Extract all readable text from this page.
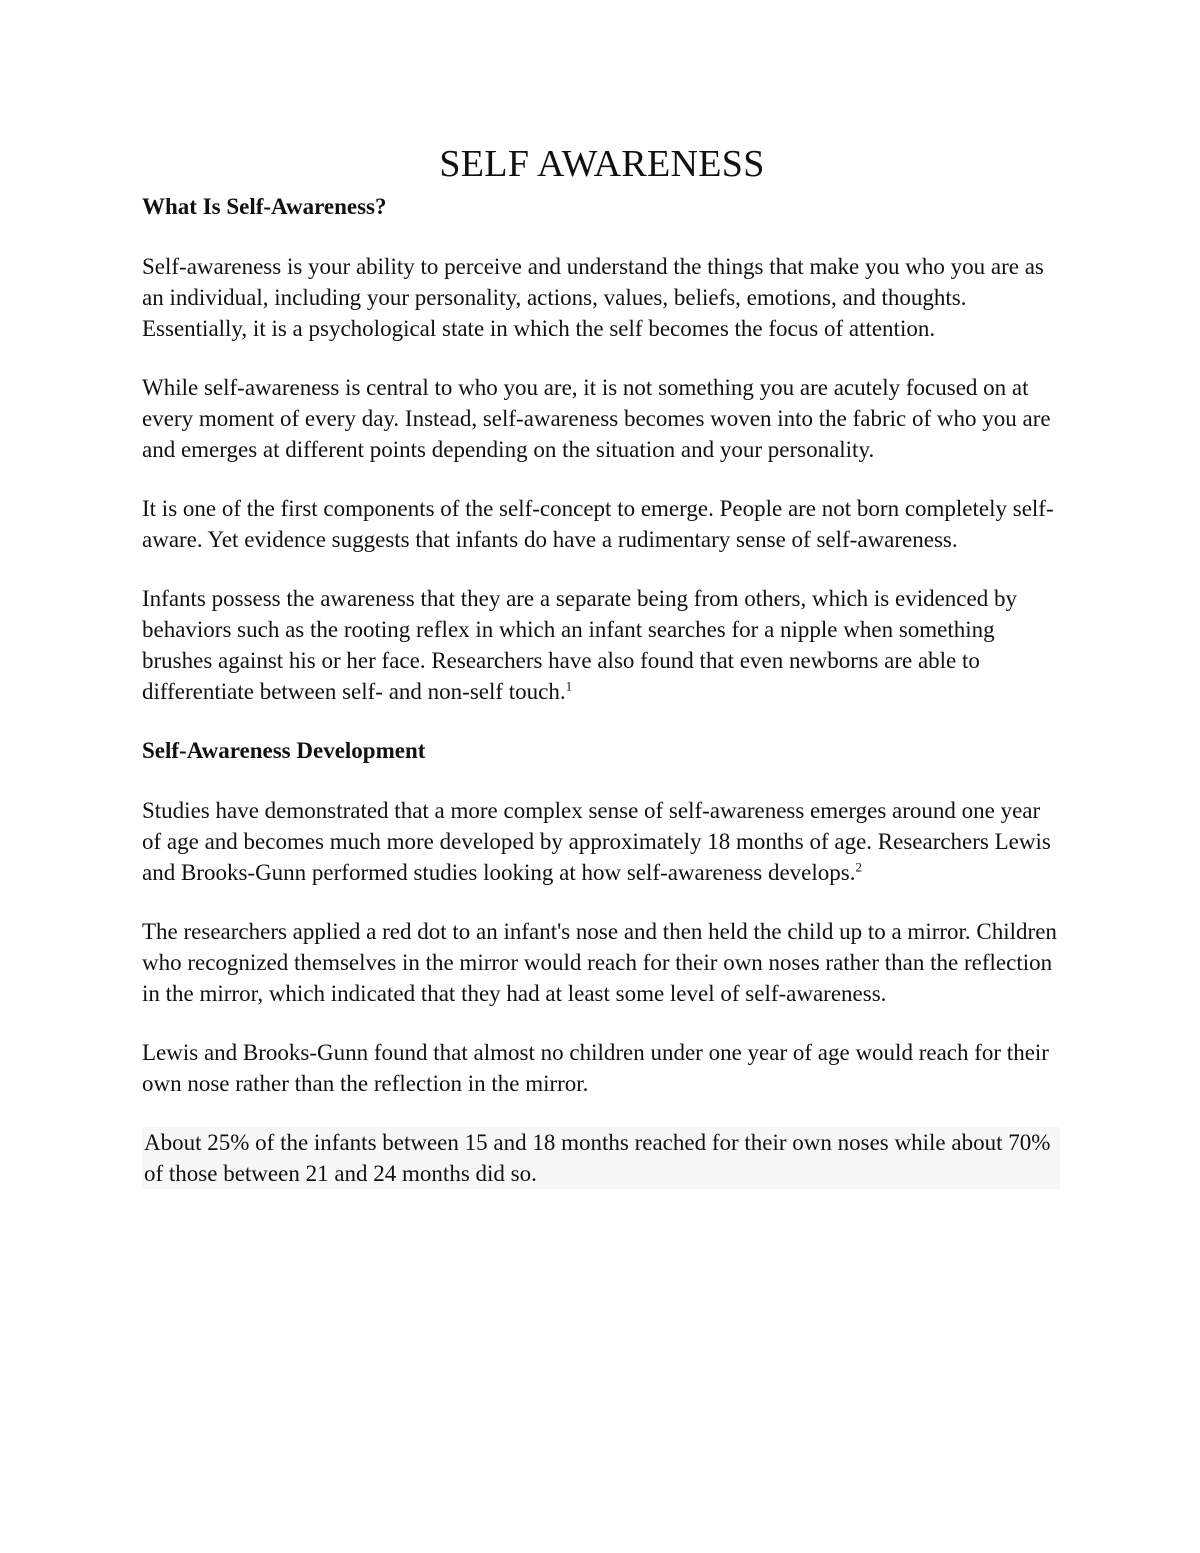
SELF AWARENESS
What Is Self-Awareness?

Self-awareness is your ability to perceive and understand the things that make you who you are as an individual, including your personality, actions, values, beliefs, emotions, and thoughts. Essentially, it is a psychological state in which the self becomes the focus of attention.

While self-awareness is central to who you are, it is not something you are acutely focused on at every moment of every day. Instead, self-awareness becomes woven into the fabric of who you are and emerges at different points depending on the situation and your personality.

It is one of the first components of the self-concept to emerge. People are not born completely self-aware. Yet evidence suggests that infants do have a rudimentary sense of self-awareness.

Infants possess the awareness that they are a separate being from others, which is evidenced by behaviors such as the rooting reflex in which an infant searches for a nipple when something brushes against his or her face. Researchers have also found that even newborns are able to differentiate between self- and non-self touch.$^1$

Self-Awareness Development

Studies have demonstrated that a more complex sense of self-awareness emerges around one year of age and becomes much more developed by approximately 18 months of age. Researchers Lewis and Brooks-Gunn performed studies looking at how self-awareness develops.$^2$

The researchers applied a red dot to an infant's nose and then held the child up to a mirror. Children who recognized themselves in the mirror would reach for their own noses rather than the reflection in the mirror, which indicated that they had at least some level of self-awareness.

Lewis and Brooks-Gunn found that almost no children under one year of age would reach for their own nose rather than the reflection in the mirror.

About 25% of the infants between 15 and 18 months reached for their own noses while about 70% of those between 21 and 24 months did so.
